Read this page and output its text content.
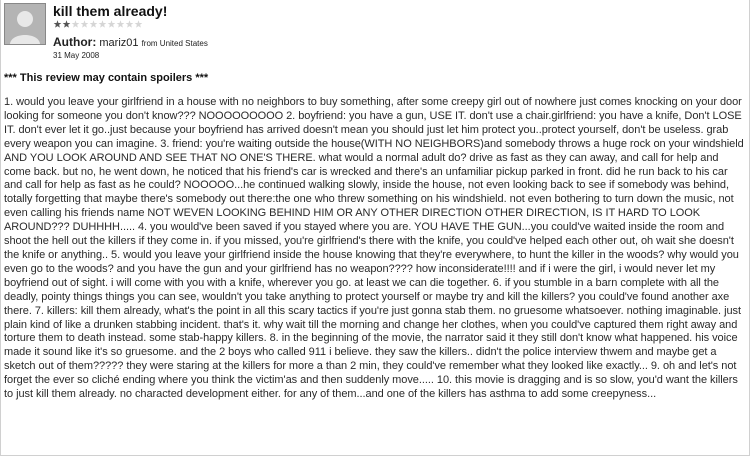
kill them already!
Author: mariz01 from United States
31 May 2008
*** This review may contain spoilers ***

1. would you leave your girlfriend in a house with no neighbors to buy something, after some creepy girl out of nowhere just comes knocking on your door looking for someone you don't know??? NOOOOOOOOO 2. boyfriend: you have a gun, USE IT. don't use a chair.girlfriend: you have a knife, Don't LOSE IT. don't ever let it go..just because your boyfriend has arrived doesn't mean you should just let him protect you..protect yourself, don't be useless. grab every weapon you can imagine. 3. friend: you're waiting outside the house(WITH NO NEIGHBORS)and somebody throws a huge rock on your windshield AND YOU LOOK AROUND AND SEE THAT NO ONE'S THERE. what would a normal adult do? drive as fast as they can away, and call for help and come back. but no, he went down, he noticed that his friend's car is wrecked and there's an unfamiliar pickup parked in front. did he run back to his car and call for help as fast as he could? NOOOOO...he continued walking slowly, inside the house, not even looking back to see if somebody was behind, totally forgetting that maybe there's somebody out there:the one who threw something on his windshield. not even bothering to turn down the music, not even calling his friends name NOT WEVEN LOOKING BEHIND HIM OR ANY OTHER DIRECTION OTHER DIRECTION, IS IT HARD TO LOOK AROUND??? DUHHHH..... 4. you would've been saved if you stayed where you are. YOU HAVE THE GUN...you could've waited inside the room and shoot the hell out the killers if they come in. if you missed, you're girlfriend's there with the knife, you could've helped each other out, oh wait she doesn't the knife or anything.. 5. would you leave your girlfriend inside the house knowing that they're everywhere, to hunt the killer in the woods? why would you even go to the woods? and you have the gun and your girlfriend has no weapon???? how inconsiderate!!!! and if i were the girl, i would never let my boyfriend out of sight. i will come with you with a knife, wherever you go. at least we can die together. 6. if you stumble in a barn complete with all the deadly, pointy things things you can see, wouldn't you take anything to protect yourself or maybe try and kill the killers? you could've found another axe there. 7. killers: kill them already, what's the point in all this scary tactics if you're just gonna stab them. no gruesome whatsoever. nothing imaginable. just plain kind of like a drunken stabbing incident. that's it. why wait till the morning and change her clothes, when you could've captured them right away and torture them to death instead. some stab-happy killers. 8. in the beginning of the movie, the narrator said it they still don't know what happened. his voice made it sound like it's so gruesome. and the 2 boys who called 911 i believe. they saw the killers.. didn't the police interview thwem and maybe get a sketch out of them????? they were staring at the killers for more a than 2 min, they could've remember what they looked like exactly... 9. oh and let's not forget the ever so cliché ending where you think the victim'as and then suddenly move..... 10. this movie is dragging and is so slow, you'd want the killers to just kill them already. no characted development either. for any of them...and one of the killers has asthma to add some creepyness...
